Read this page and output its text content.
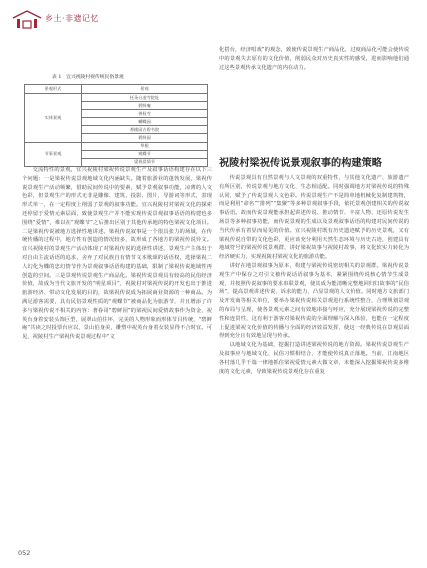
乡土·非遗记忆
表 1　宜兴视陵村视传统民俗景观
景观形式	景观
实体景观	托朵台凌寺院址
	碧鲜庵
	善权寺
	蝴蝶园
	香桃园古碧书院
	碧鲜园
节事景观	草根
	观蝶节
	梁祝爱情节

交流特性的景观，宜兴祝陵村梁祝传说景观生产及叙事话语构建存在以下三个问题：一是梁祝传说景观地域文化内涵缺失。随着旅游业的蓬勃发展，梁祝传说景观生产活动频繁，借助民间传说中的要素，赋予景观叙事功能，凉薄的人文色彩，但景观生产的形式无非是雕像、建筑、投影、图片，导游词等形式，表现形式单一，在一定程度上削弱了景观的叙事功能。宜兴祝陵村对梁祝文化的探索还停留于爱情元素层面，致使景观生产并不能实现传说景观叙事话语的构建也多围绕“爱情”，难以在“观蝶节”之后推出区别于其他传承地的特色梁祝文化项目。二是梁祝传说被地方选择性地讲述。梁祝传说叙事是一个很具张力的场域，在传统传播的过程中，地方性有创造的情况较多，故形成了各地方的梁祝传说异文。宜兴祝陵村的景观生产活动体现了对梁祝传说的选择性讲述，景观生产主体出于对自由主流话语的追求，舍弃了对民族自有情节文本歌颂的话语权，选择梁祝二人幻化为蝶的忠幻情节作为景观叙事话语构建的基础，限制了梁祝传说地域性再创造的空间。三是景观传说景观生产商品化。梁祝传说景观具有较高的民俗经济价值，故成为当代文旅开发的“明星项目”，祝陵村对梁祝传说的开发也出于推进旅游经济、带动文化发展的目的，故梁祝传说成为拓展商业资源的一种商品。为满足游客需要，具有民俗景观性质的“观蝶节”被商品化为旅游节，并且增添了许多与梁祝传说不相关的内容：著眷哥“碧鲜园”的梁祝民间爱情故事作为资金，祝英台身着安装头饰巨型，展翠山伯往坏，完美的人物形象而形体节目传统，“碧鲜庵”共读之时投票台应以，景山伯身美，雕塑中祝英台身着女装显得不合时宜。可见，祝陵村生产梁祝传说景观过程中“文

化搭台，经济唱戏”的观念，致使传说景观生产商品化，过度商品化可能会使传说中的景观失去原有的文化价值，削弱民众对历史真实性的感受，进而影响他们通过这些景观传承文化遗产的内在动力。

祝陵村梁祝传说景观叙事的构建策略

传说景观具有自然景观与人文景观的双重特性，与其他文化遗产、旅游遗产有所区别，传说景观与地方文化、生态相适配。同时强调地方对梁祝传说的特殊认同，赋予了传说景观人文色彩。传说景观生产不是简单地机械化复制建筑物，而是利用“命名”“排列”“集聚”等多种景观叙事手段，依托景观创建相关的传说叙事话语。故而传说景观能承担起讲述传说、推动情节、丰富人物、还原传说发生场景等多种叙事功能，而传说景观的生成以及景观叙事话语的构建对民间传说的当代传承有着显而易见的价值。宜兴祝陵村既有历史遗迹赋予的历史景观，又有梁祝传说自带的文化色彩，更应该充分利用天然生态环境与历史古迹，创建具有地域符号的梁祝传说景观群，讲好梁祝故事与祝陵村故事，将文化软实力转化为经济硬实力，实现祝陵村梁祝文化的旅游功能。

讲好在地景观叙事为原本，构建与梁祝传说密切相关的景观群。梁祝传说景观生产中保存之对引文被传说话语叙事为基本，紧紧围绕传说核心情节生成景观，并按照传说叙事的要求串联景观，使其成为能清晰完整地回归归故事的“民俗场”，提高景观讲述传说、诉求的能力，凸显景观的人文价值。同时地方文旅部门及开发商等相关单位，要举办梁祝传说相关景观进行系统性整合，合理规划景观的布局与呈现，使各景观元素之间有效地串接与呼应，充分展现梁祝传说的完整性和连贯性，这有利于游客对梁祝传说的全面理解与深入体验，也能在一定程度上促进梁祝文化价值的传播与全面的经济效益发挥，使这一经典传说在景观层面得到充分且有效地呈现与传承。

以地域文化为基础，挖掘打造讲述梁祝传说的地方资源。梁祝传说景观生产及叙事应与地域文化、民俗习惯相结合，才能使传说真正落地。当前，江南地区各村落几乎千篇一律地抓住梁祝爱情元素大做文章，未能深入挖掘梁祝传说多维度的文化元素，导致梁祝传说景观化存在重复

052
